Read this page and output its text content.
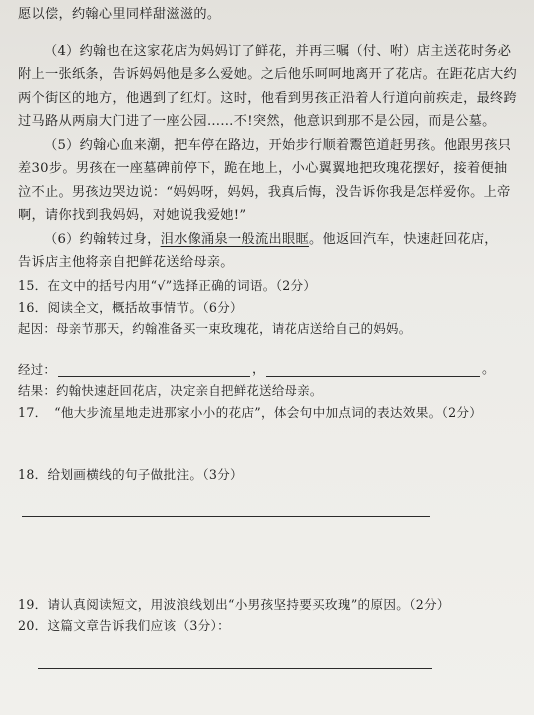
愿以偿，约翰心里同样甜滋滋的。
（4）约翰也在这家花店为妈妈订了鲜花，并再三嘱（付、咐）店主送花时务必
附上一张纸条，告诉妈妈他是多么爱她。之后他乐呵呵地离开了花店。在距花店大约
两个街区的地方，他遇到了红灯。这时，他看到男孩正沿着人行道向前疾走，最终跨
过马路从两扇大门进了一座公园……不!突然，他意识到那不是公园，而是公墓。
（5）约翰心血来潮，把车停在路边，开始步行顺着鬻笆道赶男孩。他跟男孩只
差30步。男孩在一座墓碑前停下，跪在地上，小心翼翼地把玫瑰花摆好，接着便抽
泣不止。男孩边哭边说：“妈妈呀，妈妈，我真后悔，没告诉你我是怎样爱你。上帝
啊，请你找到我妈妈，对她说我爱她!”
（6）约翰转过身，泪水像涌泉一般流出眼眶。他返回汽车，快速赶回花店，
告诉店主他将亲自把鲜花送给母亲。
15．在文中的括号内用“√”选择正确的词语。（2分）
16．阅读全文，概括故事情节。（6分）
起因：母亲节那天，约翰准备买一束玫瑰花，请花店送给自己的妈妈。
经过：	，	。
结果：约翰快速赶回花店，决定亲自把鲜花送给母亲。
17．　“他大步流星地走进那家小小的花店”，体会句中加点词的表达效果。（2分）
18．给划画横线的句子做批注。（3分）
19．请认真阅读短文，用波浪线划出“小男孩坚持要买玫瑰”的原因。（2分）
20．这篇文章告诉我们应该（3分）：
